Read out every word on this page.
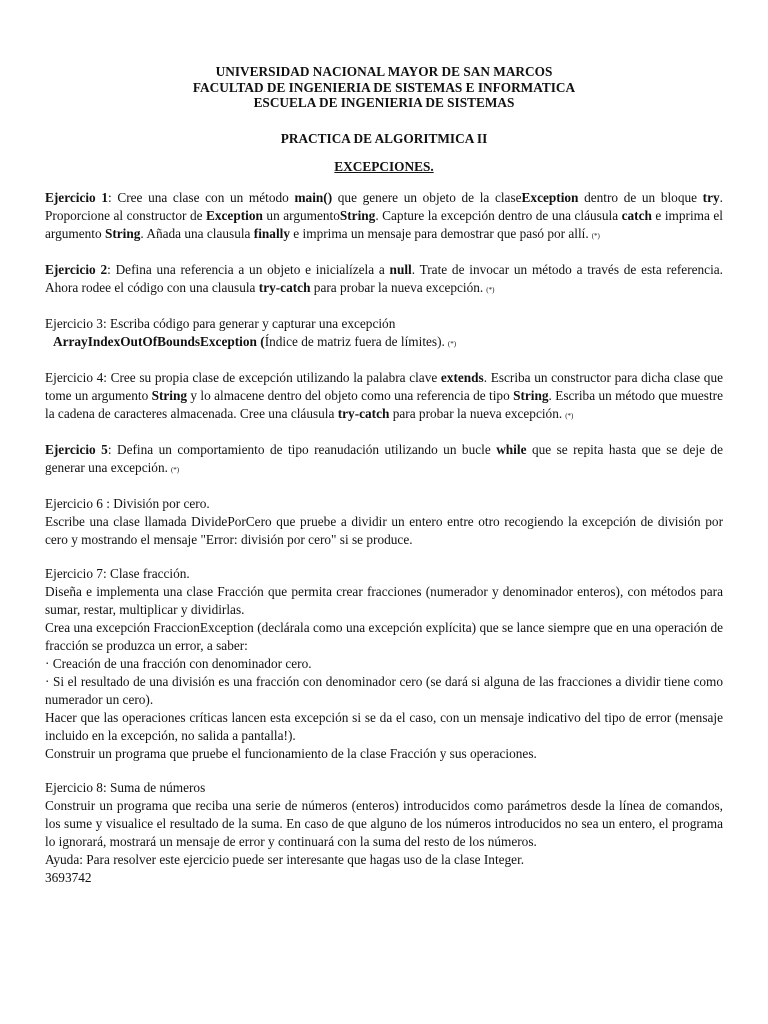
UNIVERSIDAD NACIONAL MAYOR DE SAN MARCOS
FACULTAD DE INGENIERIA DE SISTEMAS E INFORMATICA
ESCUELA DE INGENIERIA DE SISTEMAS
PRACTICA DE ALGORITMICA II
EXCEPCIONES.

Ejercicio 1: Cree una clase con un método main() que genere un objeto de la claseException dentro de un bloque try. Proporcione al constructor de Exception un argumentoString. Capture la excepción dentro de una cláusula catch e imprima el argumento String. Añada una clausula finally e imprima un mensaje para demostrar que pasó por allí. (*)

Ejercicio 2: Defina una referencia a un objeto e inicialízela a null. Trate de invocar un método a través de esta referencia. Ahora rodee el código con una clausula try-catch para probar la nueva excepción. (*)

Ejercicio 3: Escriba código para generar y capturar una excepción

ArrayIndexOutOfBoundsException (Índice de matriz fuera de límites). (*)

Ejercicio 4: Cree su propia clase de excepción utilizando la palabra clave extends. Escriba un constructor para dicha clase que tome un argumento String y lo almacene dentro del objeto como una referencia de tipo String. Escriba un método que muestre la cadena de caracteres almacenada. Cree una cláusula try-catch para probar la nueva excepción. (*)

Ejercicio 5: Defina un comportamiento de tipo reanudación utilizando un bucle while que se repita hasta que se deje de generar una excepción. (*)

Ejercicio 6 : División por cero.

Escribe una clase llamada DividePorCero que pruebe a dividir un entero entre otro recogiendo la excepción de división por cero y mostrando el mensaje "Error: división por cero" si se produce.

Ejercicio 7: Clase fracción.

Diseña e implementa una clase Fracción que permita crear fracciones (numerador y denominador enteros), con métodos para sumar, restar, multiplicar y dividirlas.

Crea una excepción FraccionException (declárala como una excepción explícita) que se lance siempre que en una operación de fracción se produzca un error, a saber:

· Creación de una fracción con denominador cero.

· Si el resultado de una división es una fracción con denominador cero (se dará si alguna de las fracciones a dividir tiene como numerador un cero).

Hacer que las operaciones críticas lancen esta excepción si se da el caso, con un mensaje indicativo del tipo de error (mensaje incluido en la excepción, no salida a pantalla!).

Construir un programa que pruebe el funcionamiento de la clase Fracción y sus operaciones.

Ejercicio 8: Suma de números

Construir un programa que reciba una serie de números (enteros) introducidos como parámetros desde la línea de comandos, los sume y visualice el resultado de la suma. En caso de que alguno de los números introducidos no sea un entero, el programa lo ignorará, mostrará un mensaje de error y continuará con la suma del resto de los números.

Ayuda: Para resolver este ejercicio puede ser interesante que hagas uso de la clase Integer.

3693742
